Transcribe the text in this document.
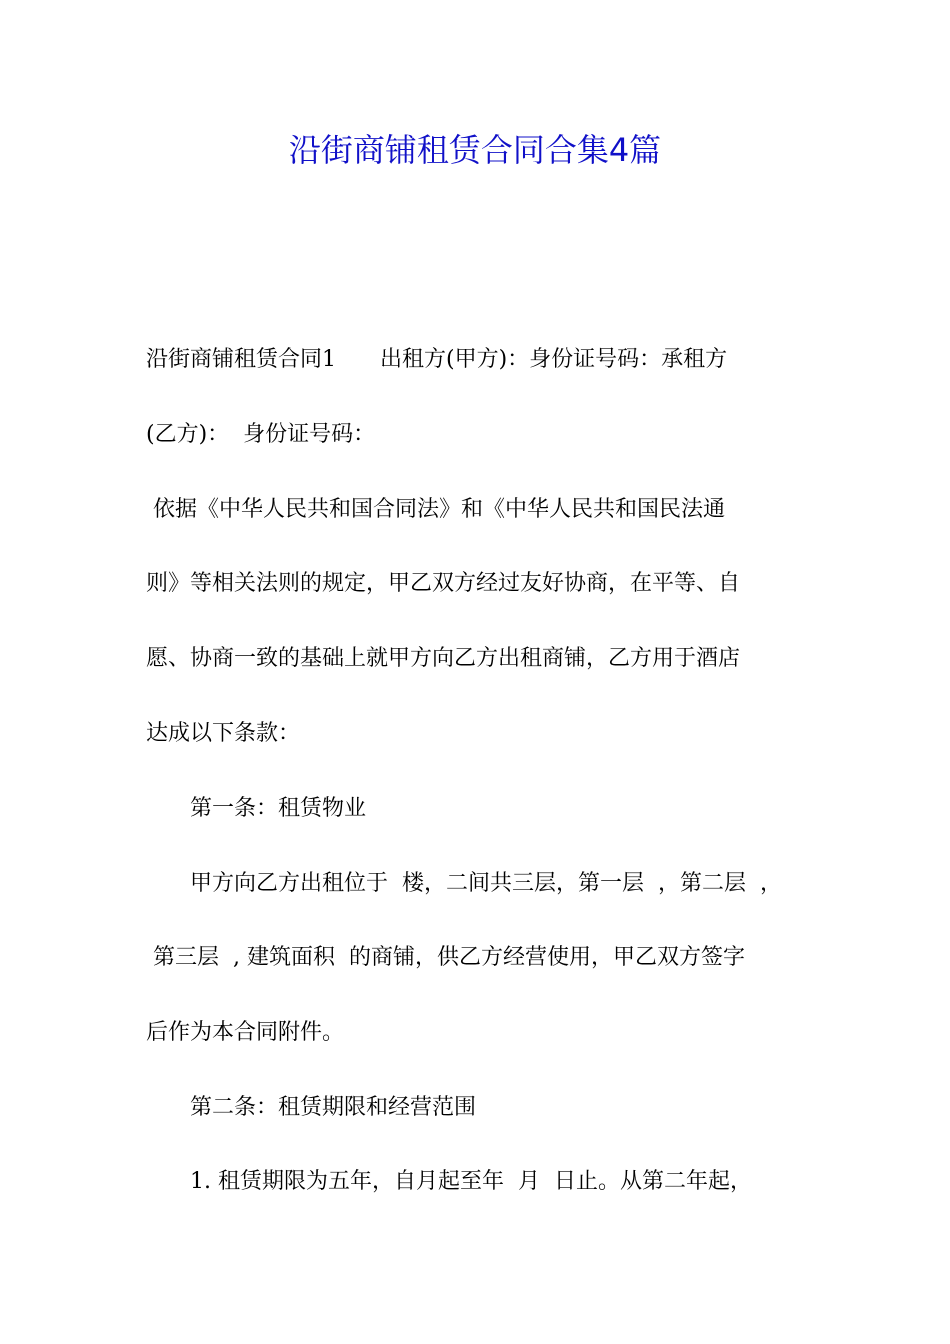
沿街商铺租赁合同合集4篇
沿街商铺租赁合同1　　出租方(甲方)：身份证号码：承租方
(乙方)：  身份证号码：
依据《中华人民共和国合同法》和《中华人民共和国民法通
则》等相关法则的规定，甲乙双方经过友好协商，在平等、自
愿、协商一致的基础上就甲方向乙方出租商铺，乙方用于酒店
达成以下条款：
　　第一条：租赁物业
　　甲方向乙方出租位于  楼，二间共三层，第一层  ，第二层  ，
第三层  , 建筑面积  的商铺，供乙方经营使用，甲乙双方签字
后作为本合同附件。
　　第二条：租赁期限和经营范围
　　1. 租赁期限为五年，自月起至年  月  日止。从第二年起，
